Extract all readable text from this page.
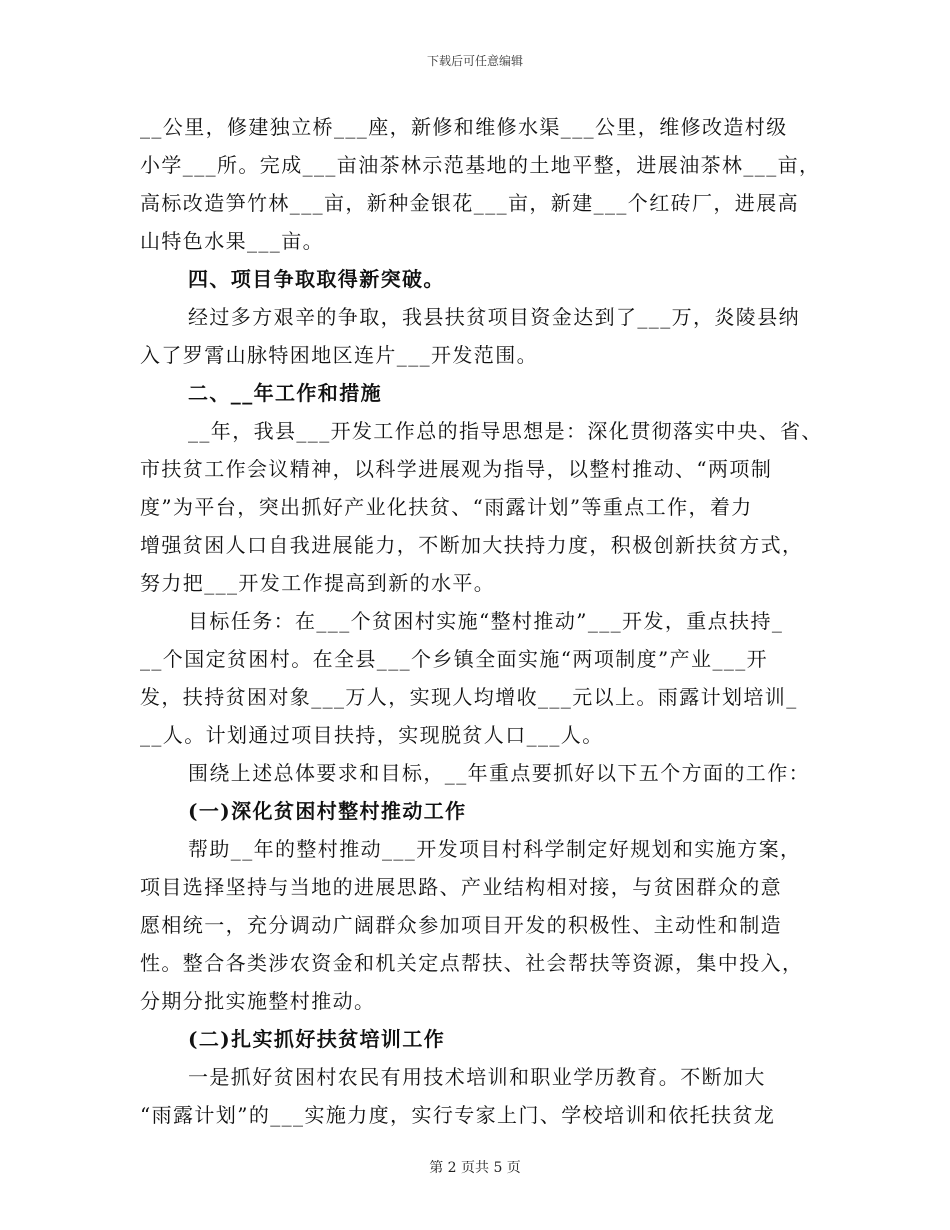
下载后可任意编辑
__公里，修建独立桥___座，新修和维修水渠___公里，维修改造村级
小学___所。完成___亩油茶林示范基地的土地平整，进展油茶林___亩，
高标改造笋竹林___亩，新种金银花___亩，新建___个红砖厂，进展高
山特色水果___亩。
四、项目争取取得新突破。
经过多方艰辛的争取，我县扶贫项目资金达到了___万，炎陵县纳
入了罗霄山脉特困地区连片___开发范围。
二、__年工作和措施
__年，我县___开发工作总的指导思想是：深化贯彻落实中央、省、
市扶贫工作会议精神，以科学进展观为指导，以整村推动、“两项制
度”为平台，突出抓好产业化扶贫、“雨露计划”等重点工作，着力
增强贫困人口自我进展能力，不断加大扶持力度，积极创新扶贫方式，
努力把___开发工作提高到新的水平。
目标任务：在___个贫困村实施“整村推动”___开发，重点扶持_
__个国定贫困村。在全县___个乡镇全面实施“两项制度”产业___开
发，扶持贫困对象___万人，实现人均增收___元以上。雨露计划培训_
__人。计划通过项目扶持，实现脱贫人口___人。
围绕上述总体要求和目标，__年重点要抓好以下五个方面的工作：
(一)深化贫困村整村推动工作
帮助__年的整村推动___开发项目村科学制定好规划和实施方案，
项目选择坚持与当地的进展思路、产业结构相对接，与贫困群众的意
愿相统一，充分调动广阔群众参加项目开发的积极性、主动性和制造
性。整合各类涉农资金和机关定点帮扶、社会帮扶等资源，集中投入，
分期分批实施整村推动。
(二)扎实抓好扶贫培训工作
一是抓好贫困村农民有用技术培训和职业学历教育。不断加大
“雨露计划”的___实施力度，实行专家上门、学校培训和依托扶贫龙
第 2 页共 5 页
